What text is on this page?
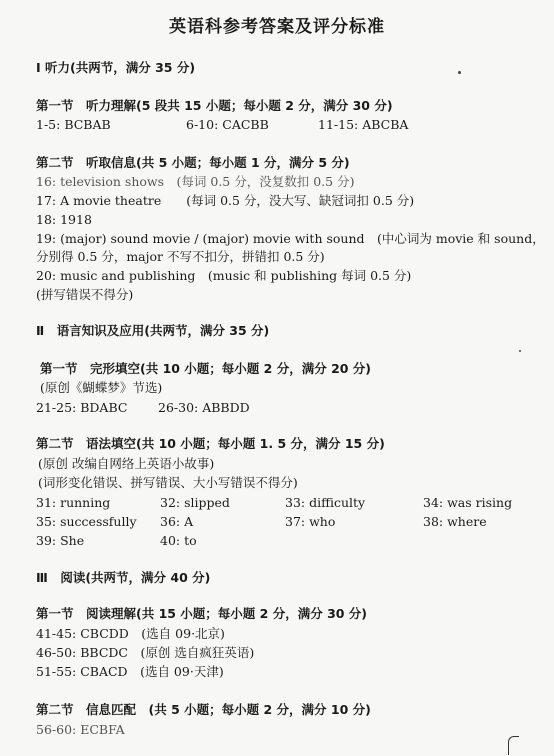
英语科参考答案及评分标准
Ⅰ 听力(共两节，满分 35 分)
第一节　听力理解(5 段共 15 小题；每小题 2 分，满分 30 分)
1-5: BCBAB	6-10: CACBB	11-15: ABCBA
第二节　听取信息(共 5 小题；每小题 1 分，满分 5 分)
16: television shows　(每词 0.5 分，没复数扣 0.5 分)
17: A movie theatre　　(每词 0.5 分，没大写、缺冠词扣 0.5 分)
18: 1918
19: (major) sound movie / (major) movie with sound　(中心词为 movie 和 sound，
分别得 0.5 分，major 不写不扣分，拼错扣 0.5 分)
20: music and publishing　(music 和 publishing 每词 0.5 分)
(拼写错误不得分)
Ⅱ　语言知识及应用(共两节，满分 35 分)
第一节　完形填空(共 10 小题；每小题 2 分，满分 20 分)
(原创《蝴蝶梦》节选)
21-25: BDABC 26-30: ABBDD
第二节　语法填空(共 10 小题；每小题 1. 5 分，满分 15 分)
(原创 改编自网络上英语小故事)
(词形变化错误、拼写错误、大小写错误不得分)
31: running	32: slipped	33: difficulty	34: was rising
35: successfully 36: A	37: who	38: where
39: She	40: to
Ⅲ　阅读(共两节，满分 40 分)
第一节　阅读理解(共 15 小题；每小题 2 分，满分 30 分)
41-45: CBCDD　(选自 09·北京)
46-50: BBCDC　(原创 选自疯狂英语)
51-55: CBACD　(选自 09·天津)
第二节　信息匹配　(共 5 小题；每小题 2 分，满分 10 分)
56-60: ECBFA
